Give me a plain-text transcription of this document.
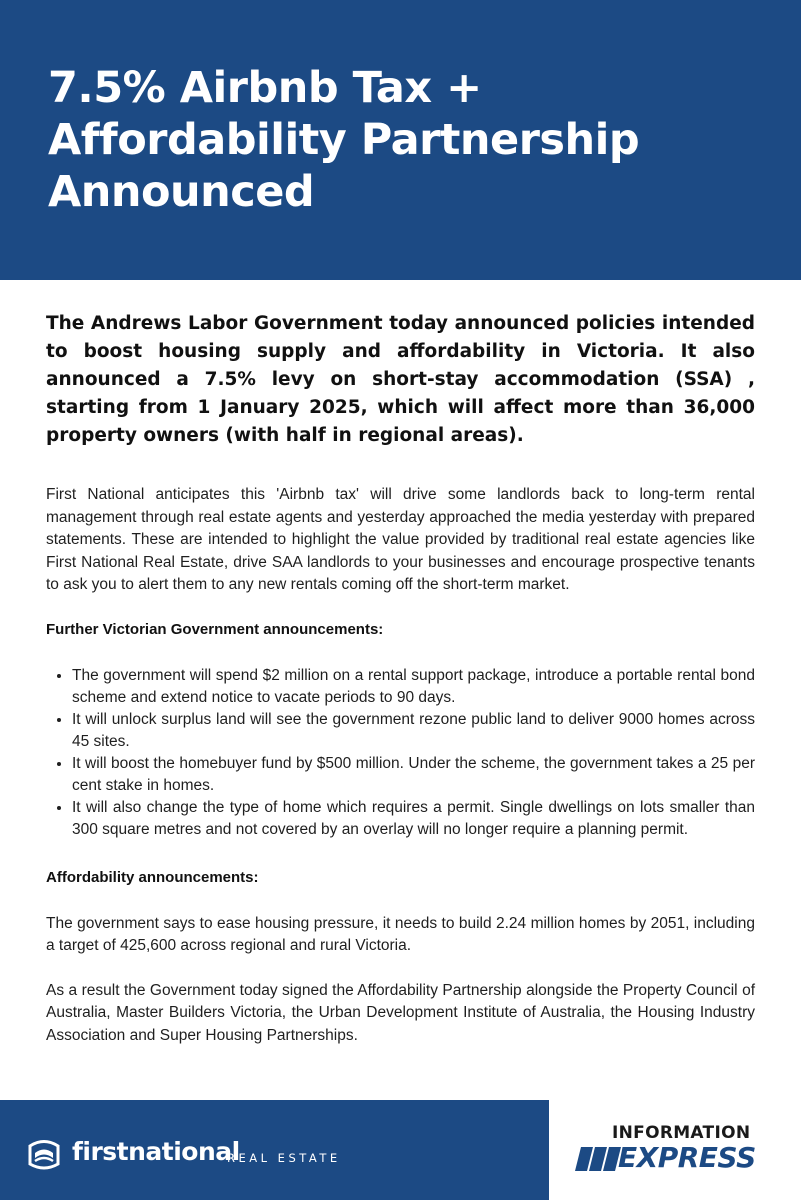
7.5% Airbnb Tax + Affordability Partnership Announced

The Andrews Labor Government today announced policies intended to boost housing supply and affordability in Victoria. It also announced a 7.5% levy on short-stay accommodation (SSA) , starting from 1 January 2025, which will affect more than 36,000 property owners (with half in regional areas).

First National anticipates this 'Airbnb tax' will drive some landlords back to long-term rental management through real estate agents and yesterday approached the media yesterday with prepared statements. These are intended to highlight the value provided by traditional real estate agencies like First National Real Estate, drive SAA landlords to your businesses and encourage prospective tenants to ask you to alert them to any new rentals coming off the short-term market.

Further Victorian Government announcements:
• The government will spend $2 million on a rental support package, introduce a portable rental bond scheme and extend notice to vacate periods to 90 days.
• It will unlock surplus land will see the government rezone public land to deliver 9000 homes across 45 sites.
• It will boost the homebuyer fund by $500 million. Under the scheme, the government takes a 25 per cent stake in homes.
• It will also change the type of home which requires a permit. Single dwellings on lots smaller than 300 square metres and not covered by an overlay will no longer require a planning permit.
Affordability announcements:

The government says to ease housing pressure, it needs to build 2.24 million homes by 2051, including a target of 425,600 across regional and rural Victoria.

As a result the Government today signed the Affordability Partnership alongside the Property Council of Australia, Master Builders Victoria, the Urban Development Institute of Australia, the Housing Industry Association and Super Housing Partnerships.

firstnational
REAL ESTATE
INFORMATION
EXPRESS
